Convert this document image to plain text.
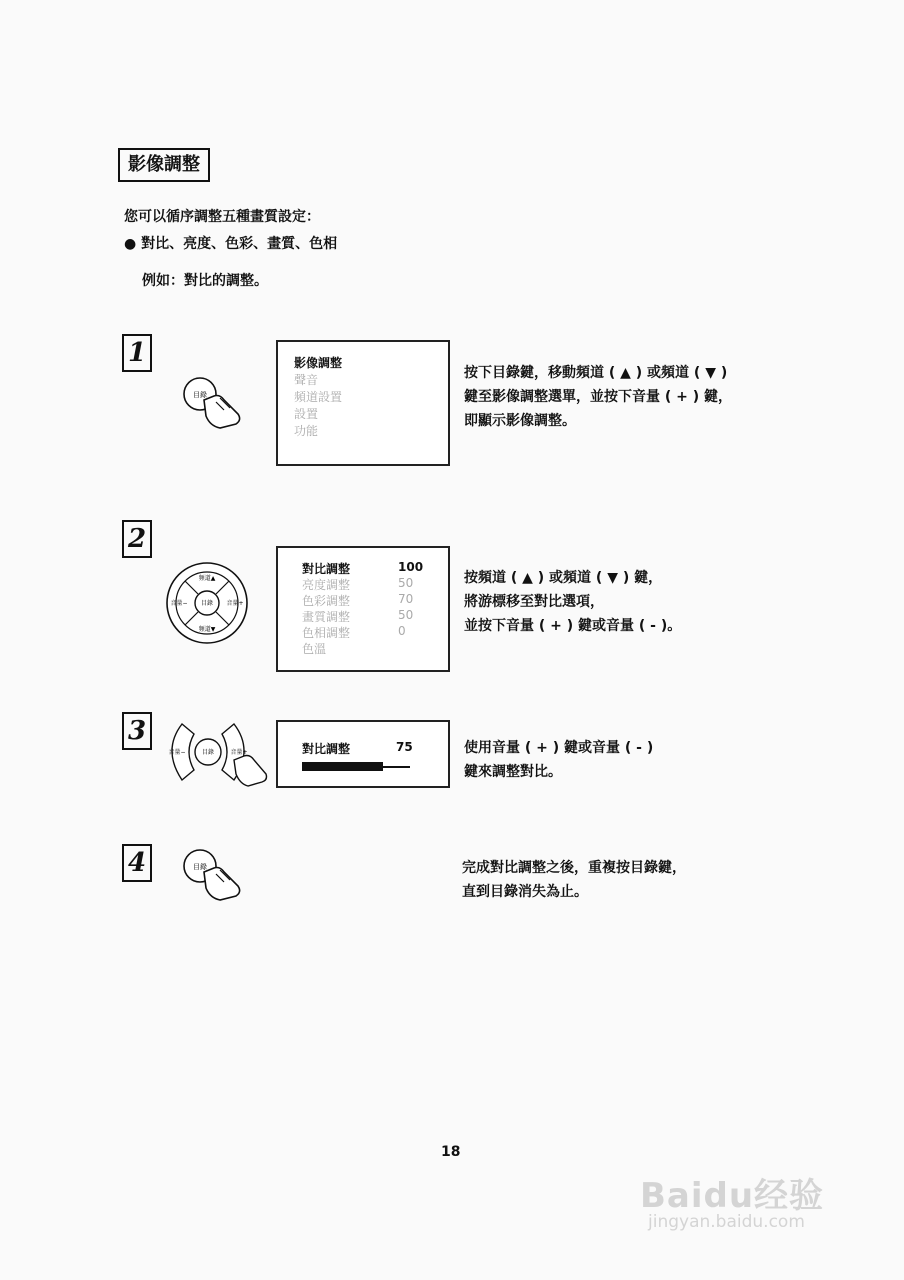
影像調整
您可以循序調整五種畫質設定：
● 對比、亮度、色彩、畫質、色相
例如：對比的調整。
1
目錄
影像調整
聲音
頻道設置
設置
功能
按下目錄鍵，移動頻道 ( ▲ ) 或頻道 ( ▼ )
鍵至影像調整選單，並按下音量 ( + ) 鍵，
即顯示影像調整。
2
目錄
頻道▲
頻道▼
音量−	音量+
對比調整	100
亮度調整	50
色彩調整	70
畫質調整	50
色相調整	0
色溫
按頻道 ( ▲ ) 或頻道 ( ▼ ) 鍵，
將游標移至對比選項，
並按下音量 ( + ) 鍵或音量 ( - )。
3
目錄
音量−	音量+	對比調整	75	使用音量 ( + ) 鍵或音量 ( - )
鍵來調整對比。
4	目錄	完成對比調整之後，重複按目錄鍵，
直到目錄消失為止。
18
Baidu经验
jingyan.baidu.com
